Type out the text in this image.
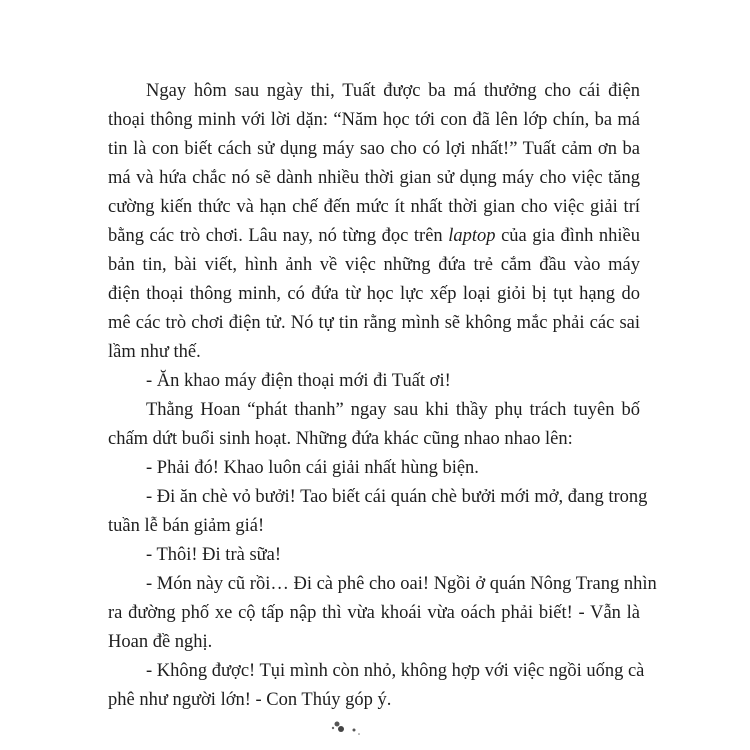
Ngay hôm sau ngày thi, Tuất được ba má thưởng cho cái điện
thoại thông minh với lời dặn: “Năm học tới con đã lên lớp chín, ba má
tin là con biết cách sử dụng máy sao cho có lợi nhất!” Tuất cảm ơn ba
má và hứa chắc nó sẽ dành nhiều thời gian sử dụng máy cho việc tăng
cường kiến thức và hạn chế đến mức ít nhất thời gian cho việc giải trí
bằng các trò chơi. Lâu nay, nó từng đọc trên laptop của gia đình nhiều
bản tin, bài viết, hình ảnh về việc những đứa trẻ cắm đầu vào máy
điện thoại thông minh, có đứa từ học lực xếp loại giỏi bị tụt hạng do
mê các trò chơi điện tử. Nó tự tin rằng mình sẽ không mắc phải các sai
lầm như thế.
- Ăn khao máy điện thoại mới đi Tuất ơi!
Thằng Hoan “phát thanh” ngay sau khi thầy phụ trách tuyên bố
chấm dứt buổi sinh hoạt. Những đứa khác cũng nhao nhao lên:
- Phải đó! Khao luôn cái giải nhất hùng biện.
- Đi ăn chè vỏ bưởi! Tao biết cái quán chè bưởi mới mở, đang trong
tuần lễ bán giảm giá!
- Thôi! Đi trà sữa!
- Món này cũ rồi… Đi cà phê cho oai! Ngồi ở quán Nông Trang nhìn
ra đường phố xe cộ tấp nập thì vừa khoái vừa oách phải biết! - Vẫn là
Hoan đề nghị.
- Không được! Tụi mình còn nhỏ, không hợp với việc ngồi uống cà
phê như người lớn! - Con Thúy góp ý.
